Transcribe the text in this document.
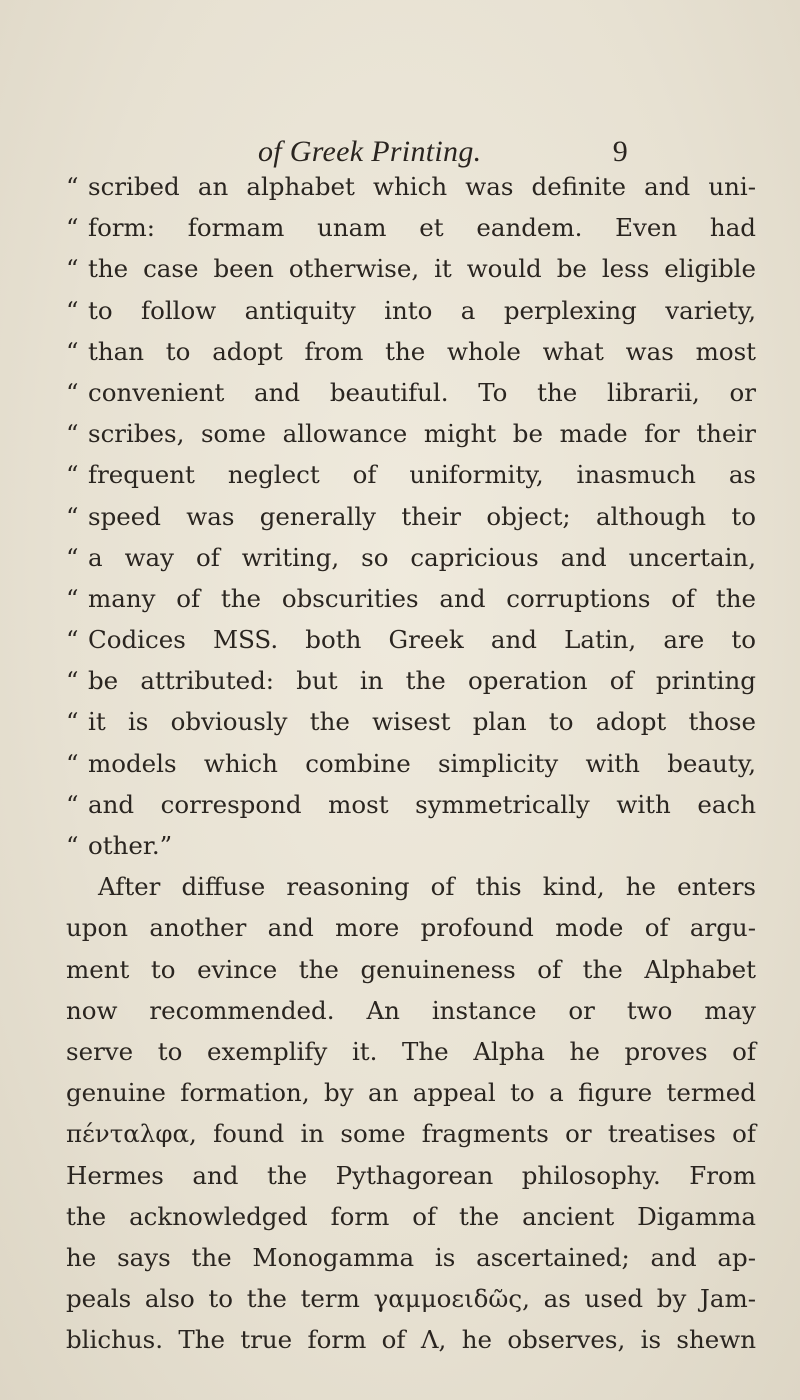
of Greek Printing.	9
“ scribed an alphabet which was definite and uni-
“ form: formam unam et eandem. Even had
“ the case been otherwise, it would be less eligible
“ to follow antiquity into a perplexing variety,
“ than to adopt from the whole what was most
“ convenient and beautiful. To the librarii, or
“ scribes, some allowance might be made for their
“ frequent neglect of uniformity, inasmuch as
“ speed was generally their object; although to
“ a way of writing, so capricious and uncertain,
“ many of the obscurities and corruptions of the
“ Codices MSS. both Greek and Latin, are to
“ be attributed: but in the operation of printing
“ it is obviously the wisest plan to adopt those
“ models which combine simplicity with beauty,
“ and correspond most symmetrically with each
“ other.”
After diffuse reasoning of this kind, he enters
upon another and more profound mode of argu-
ment to evince the genuineness of the Alphabet
now recommended. An instance or two may
serve to exemplify it. The Alpha he proves of
genuine formation, by an appeal to a figure termed
πένταλφα, found in some fragments or treatises of
Hermes and the Pythagorean philosophy. From
the acknowledged form of the ancient Digamma
he says the Monogamma is ascertained; and ap-
peals also to the term γαμμοειδῶς, as used by Jam-
blichus. The true form of Λ, he observes, is shewn
